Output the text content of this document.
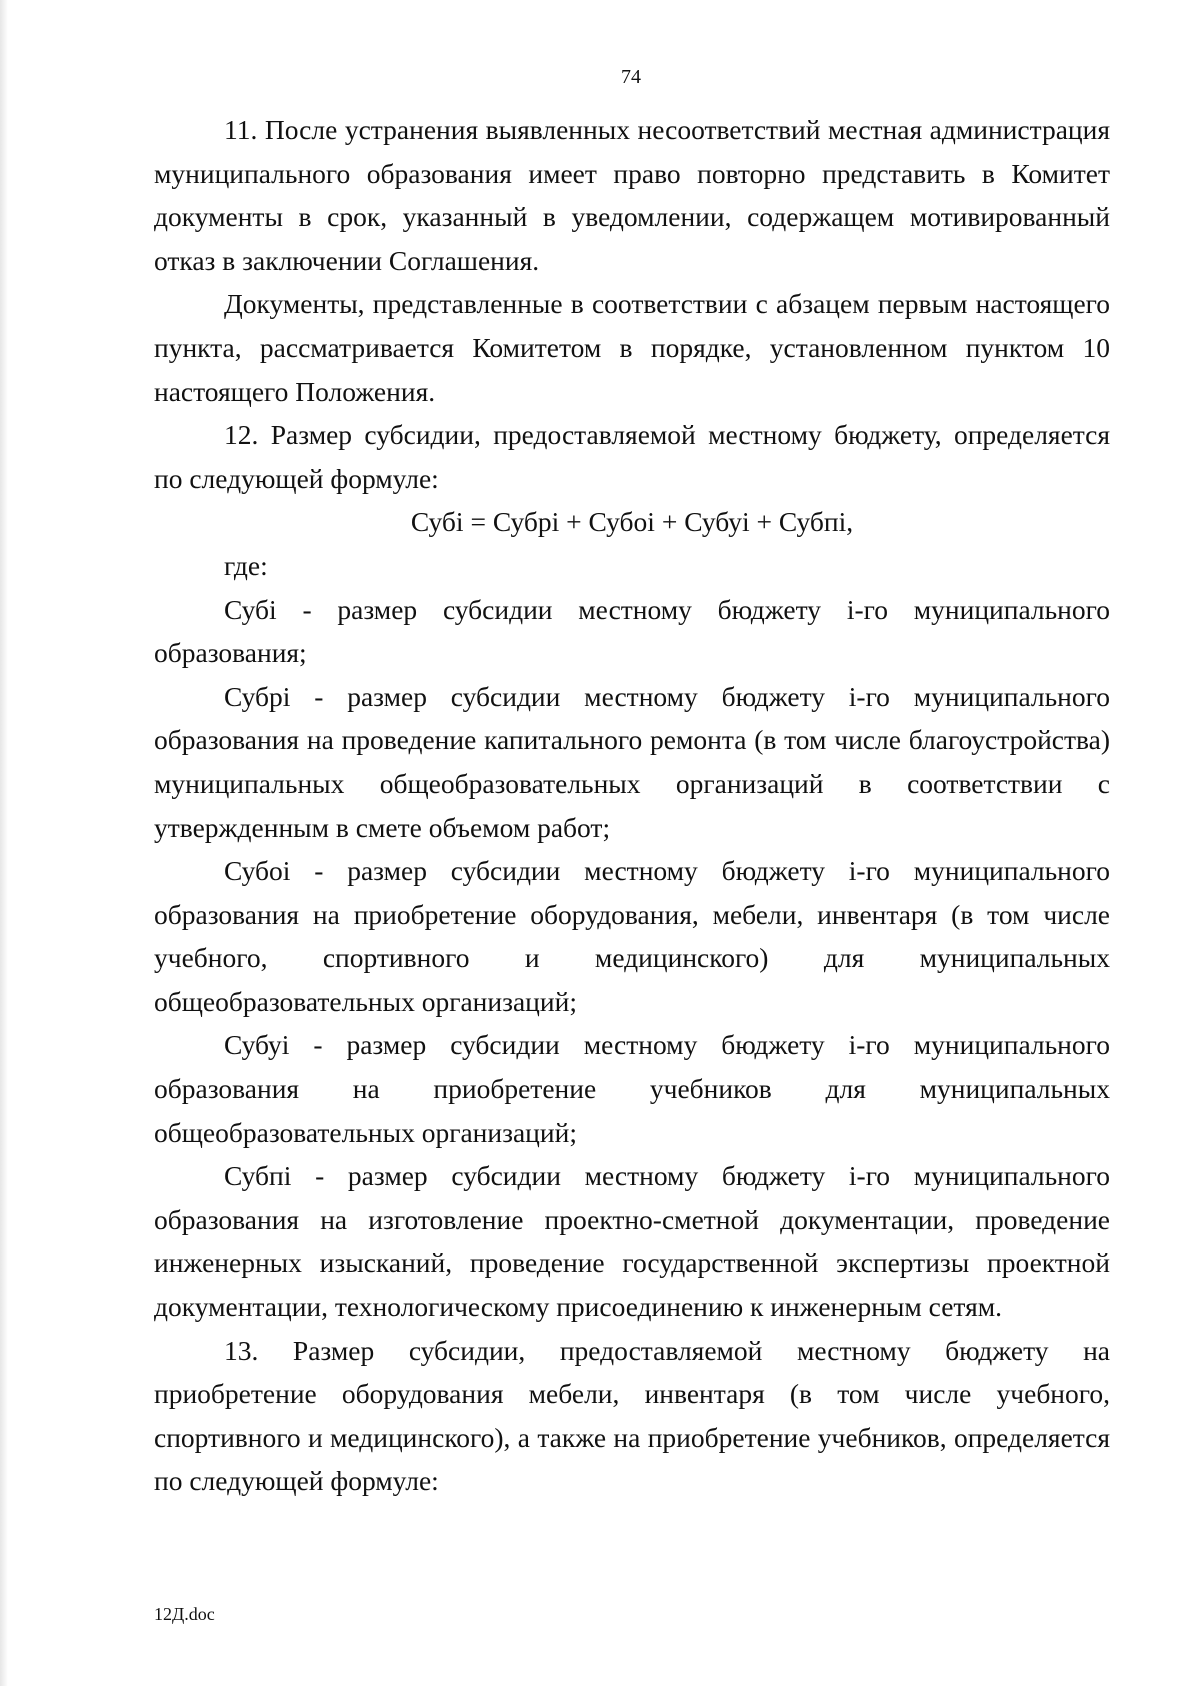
74

11. После устранения выявленных несоответствий местная администрация муниципального образования имеет право повторно представить в Комитет документы в срок, указанный в уведомлении, содержащем мотивированный отказ в заключении Соглашения.

Документы, представленные в соответствии с абзацем первым настоящего пункта, рассматривается Комитетом в порядке, установленном пунктом 10 настоящего Положения.

12. Размер субсидии, предоставляемой местному бюджету, определяется по следующей формуле:

Субі = Субрі + Субоі + Субуі + Субпі,

где:

Субі - размер субсидии местному бюджету і-го муниципального образования;

Субрі - размер субсидии местному бюджету і-го муниципального образования на проведение капитального ремонта (в том числе благоустройства) муниципальных общеобразовательных организаций в соответствии с утвержденным в смете объемом работ;

Субоі - размер субсидии местному бюджету і-го муниципального образования на приобретение оборудования, мебели, инвентаря (в том числе учебного, спортивного и медицинского) для муниципальных общеобразовательных организаций;

Субуі - размер субсидии местному бюджету і-го муниципального образования на приобретение учебников для муниципальных общеобразовательных организаций;

Субпі - размер субсидии местному бюджету і-го муниципального образования на изготовление проектно-сметной документации, проведение инженерных изысканий, проведение государственной экспертизы проектной документации, технологическому присоединению к инженерным сетям.

13. Размер субсидии, предоставляемой местному бюджету на приобретение оборудования мебели, инвентаря (в том числе учебного, спортивного и медицинского), а также на приобретение учебников, определяется по следующей формуле:

12Д.doc
